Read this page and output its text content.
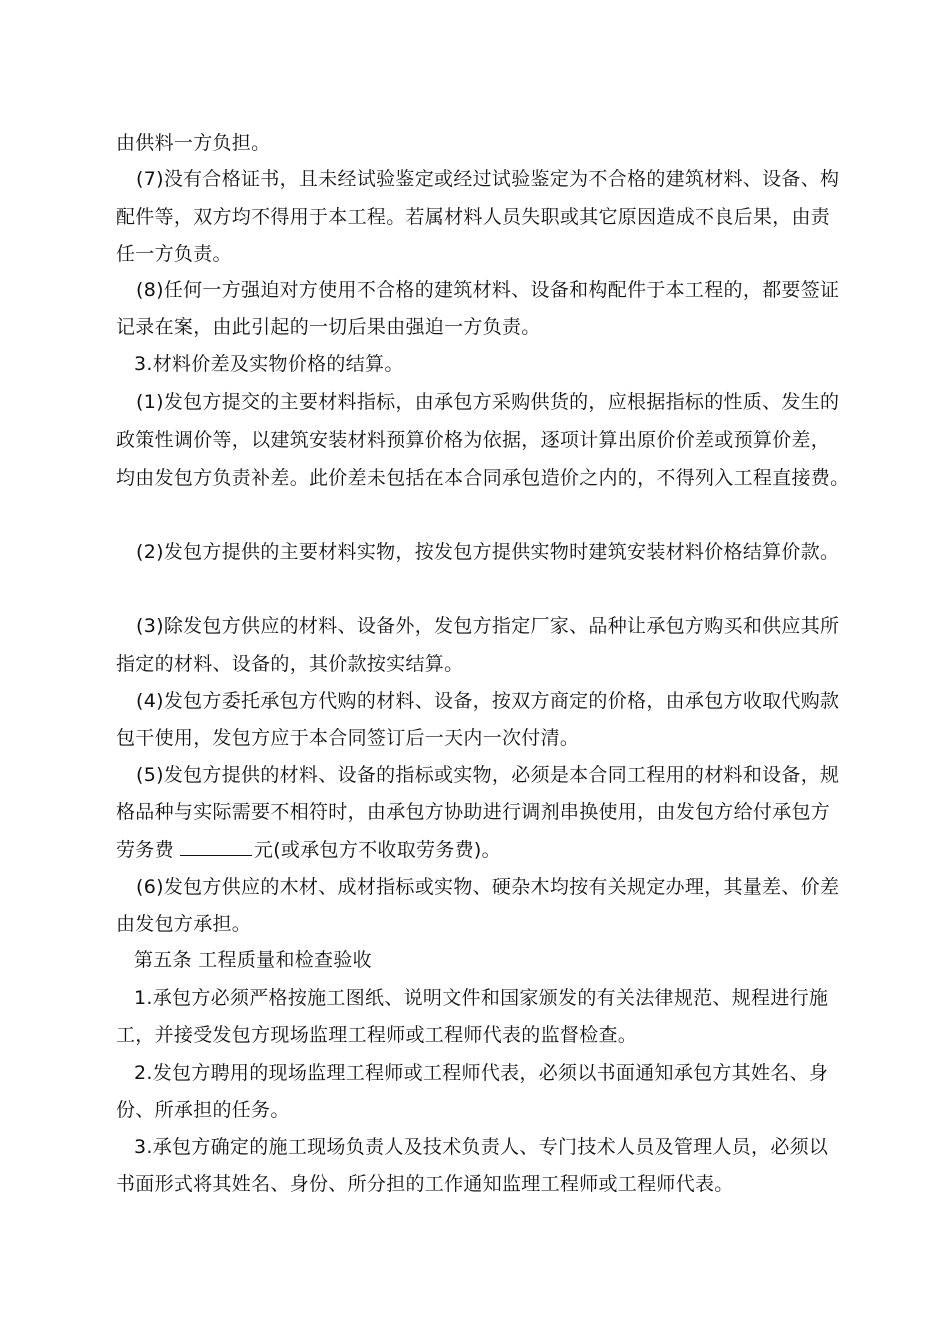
由供料一方负担。
(7)没有合格证书，且未经试验鉴定或经过试验鉴定为不合格的建筑材料、设备、构
配件等，双方均不得用于本工程。若属材料人员失职或其它原因造成不良后果，由责
任一方负责。
(8)任何一方强迫对方使用不合格的建筑材料、设备和构配件于本工程的，都要签证
记录在案，由此引起的一切后果由强迫一方负责。
3.材料价差及实物价格的结算。
(1)发包方提交的主要材料指标，由承包方采购供货的，应根据指标的性质、发生的
政策性调价等，以建筑安装材料预算价格为依据，逐项计算出原价价差或预算价差，
均由发包方负责补差。此价差未包括在本合同承包造价之内的，不得列入工程直接费。
(2)发包方提供的主要材料实物，按发包方提供实物时建筑安装材料价格结算价款。
(3)除发包方供应的材料、设备外，发包方指定厂家、品种让承包方购买和供应其所
指定的材料、设备的，其价款按实结算。
(4)发包方委托承包方代购的材料、设备，按双方商定的价格，由承包方收取代购款
包干使用，发包方应于本合同签订后一天内一次付清。
(5)发包方提供的材料、设备的指标或实物，必须是本合同工程用的材料和设备，规
格品种与实际需要不相符时，由承包方协助进行调剂串换使用，由发包方给付承包方
劳务费	元(或承包方不收取劳务费)。
(6)发包方供应的木材、成材指标或实物、硬杂木均按有关规定办理，其量差、价差
由发包方承担。
第五条 工程质量和检查验收
1.承包方必须严格按施工图纸、说明文件和国家颁发的有关法律规范、规程进行施
工，并接受发包方现场监理工程师或工程师代表的监督检查。
2.发包方聘用的现场监理工程师或工程师代表，必须以书面通知承包方其姓名、身
份、所承担的任务。
3.承包方确定的施工现场负责人及技术负责人、专门技术人员及管理人员，必须以
书面形式将其姓名、身份、所分担的工作通知监理工程师或工程师代表。
